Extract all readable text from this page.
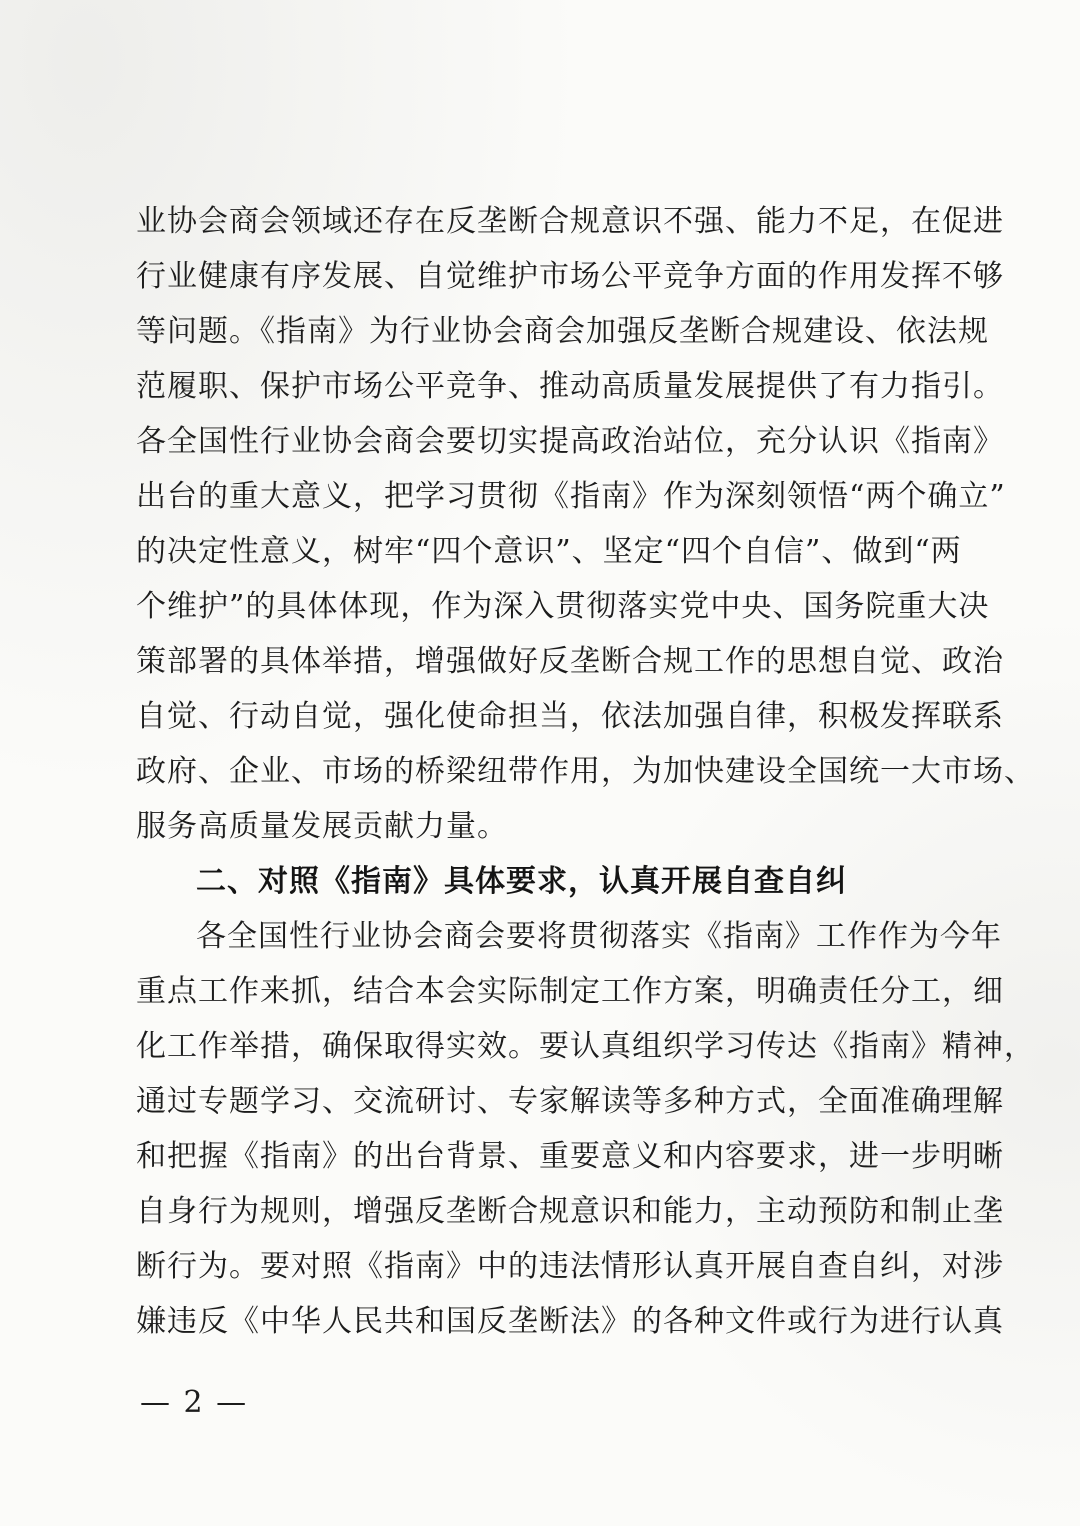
业协会商会领域还存在反垄断合规意识不强、能力不足，在促进
行业健康有序发展、自觉维护市场公平竞争方面的作用发挥不够
等问题。《指南》为行业协会商会加强反垄断合规建设、依法规
范履职、保护市场公平竞争、推动高质量发展提供了有力指引。
各全国性行业协会商会要切实提高政治站位，充分认识《指南》
出台的重大意义，把学习贯彻《指南》作为深刻领悟“两个确立”
的决定性意义，树牢“四个意识”、坚定“四个自信”、做到“两
个维护”的具体体现，作为深入贯彻落实党中央、国务院重大决
策部署的具体举措，增强做好反垄断合规工作的思想自觉、政治
自觉、行动自觉，强化使命担当，依法加强自律，积极发挥联系
政府、企业、市场的桥梁纽带作用，为加快建设全国统一大市场、
服务高质量发展贡献力量。
二、对照《指南》具体要求，认真开展自查自纠
各全国性行业协会商会要将贯彻落实《指南》工作作为今年
重点工作来抓，结合本会实际制定工作方案，明确责任分工，细
化工作举措，确保取得实效。要认真组织学习传达《指南》精神，
通过专题学习、交流研讨、专家解读等多种方式，全面准确理解
和把握《指南》的出台背景、重要意义和内容要求，进一步明晰
自身行为规则，增强反垄断合规意识和能力，主动预防和制止垄
断行为。要对照《指南》中的违法情形认真开展自查自纠，对涉
嫌违反《中华人民共和国反垄断法》的各种文件或行为进行认真
— 2 —
